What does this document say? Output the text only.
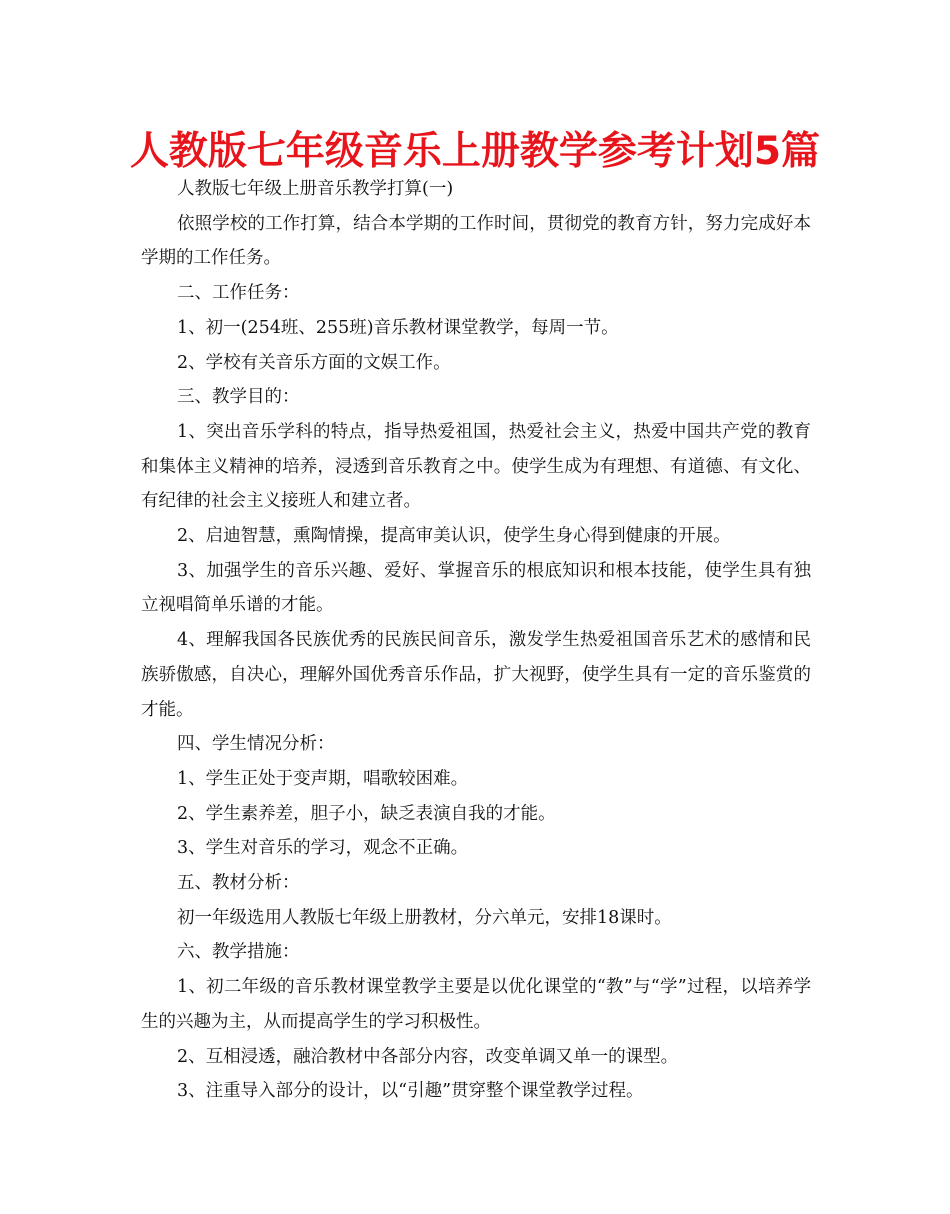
人教版七年级音乐上册教学参考计划5篇

人教版七年级上册音乐教学打算(一)

依照学校的工作打算，结合本学期的工作时间，贯彻党的教育方针，努力完成好本学期的工作任务。

二、工作任务：

1、初一(254班、255班)音乐教材课堂教学，每周一节。

2、学校有关音乐方面的文娱工作。

三、教学目的：

1、突出音乐学科的特点，指导热爱祖国，热爱社会主义，热爱中国共产党的教育和集体主义精神的培养，浸透到音乐教育之中。使学生成为有理想、有道德、有文化、有纪律的社会主义接班人和建立者。

2、启迪智慧，熏陶情操，提高审美认识，使学生身心得到健康的开展。

3、加强学生的音乐兴趣、爱好、掌握音乐的根底知识和根本技能，使学生具有独立视唱简单乐谱的才能。

4、理解我国各民族优秀的民族民间音乐，激发学生热爱祖国音乐艺术的感情和民族骄傲感，自决心，理解外国优秀音乐作品，扩大视野，使学生具有一定的音乐鉴赏的才能。

四、学生情况分析：

1、学生正处于变声期，唱歌较困难。

2、学生素养差，胆子小，缺乏表演自我的才能。

3、学生对音乐的学习，观念不正确。

五、教材分析：

初一年级选用人教版七年级上册教材，分六单元，安排18课时。

六、教学措施：

1、初二年级的音乐教材课堂教学主要是以优化课堂的“教”与“学”过程，以培养学生的兴趣为主，从而提高学生的学习积极性。

2、互相浸透，融洽教材中各部分内容，改变单调又单一的课型。

3、注重导入部分的设计，以“引趣”贯穿整个课堂教学过程。
